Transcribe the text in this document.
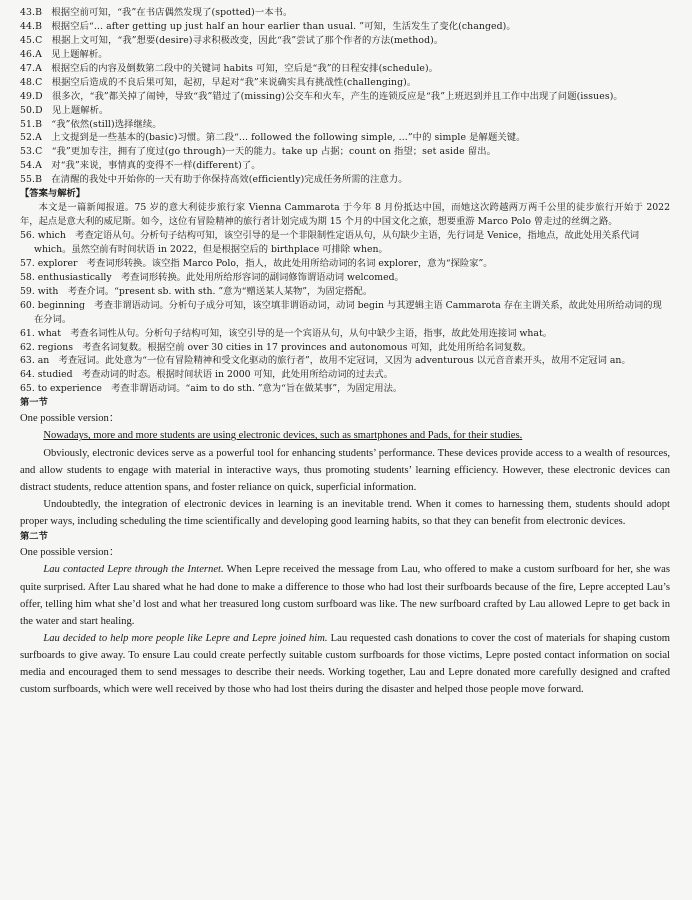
43.B　根据空前可知，“我”在书店偶然发现了(spotted)一本书。

44.B　根据空后“... after getting up just half an hour earlier than usual. ”可知，生活发生了变化(changed)。

45.C　根据上文可知，“我”想要(desire)寻求积极改变，因此“我”尝试了那个作者的方法(method)。

46.A　见上题解析。

47.A　根据空后的内容及倒数第二段中的关键词 habits 可知，空后是“我”的日程安排(schedule)。

48.C　根据空后造成的不良后果可知，起初，早起对“我”来说确实具有挑战性(challenging)。

49.D　很多次，“我”都关掉了闹钟，导致“我”错过了(missing)公交车和火车，产生的连锁反应是“我”上班迟到并且工作中出现了问题(issues)。

50.D　见上题解析。

51.B　“我”依然(still)选择继续。

52.A　上文提到是一些基本的(basic)习惯。第二段“... followed the following simple, ...”中的 simple 是解题关键。

53.C　“我”更加专注，拥有了度过(go through)一天的能力。take up 占据；count on 指望；set aside 留出。

54.A　对“我”来说，事情真的变得不一样(different)了。

55.B　在清醒的我处中开始你的一天有助于你保持高效(efficiently)完成任务所需的注意力。

【答案与解析】

本文是一篇新闻报道。75 岁的意大利徒步旅行家 Vienna Cammarota 于今年 8 月份抵达中国，而她这次跨越两万两千公里的徒步旅行开始于 2022 年，起点是意大利的威尼斯。如今，这位有冒险精神的旅行者计划完成为期 15 个月的中国文化之旅，想要重游 Marco Polo 曾走过的丝绸之路。

56. which　考查定语从句。分析句子结构可知，该空引导的是一个非限制性定语从句，从句缺少主语，先行词是 Venice，指地点，故此处用关系代词 which。虽然空前有时间状语 in 2022，但是根据空后的 birthplace 可排除 when。

57. explorer　考查词形转换。该空指 Marco Polo，指人，故此处用所给动词的名词 explorer，意为“探险家”。

58. enthusiastically　考查词形转换。此处用所给形容词的副词修饰谓语动词 welcomed。

59. with　考查介词。“present sb. with sth. ”意为“赠送某人某物”，为固定搭配。

60. beginning　考查非谓语动词。分析句子成分可知，该空填非谓语动词，动词 begin 与其逻辑主语 Cammarota 存在主谓关系，故此处用所给动词的现在分词。

61. what　考查名词性从句。分析句子结构可知，该空引导的是一个宾语从句，从句中缺少主语，指事，故此处用连接词 what。

62. regions　考查名词复数。根据空前 over 30 cities in 17 provinces and autonomous 可知，此处用所给名词复数。

63. an　考查冠词。此处意为“一位有冒险精神和受文化驱动的旅行者”，故用不定冠词，又因为 adventurous 以元音音素开头，故用不定冠词 an。

64. studied　考查动词的时态。根据时间状语 in 2000 可知，此处用所给动词的过去式。

65. to experience　考查非谓语动词。“aim to do sth. ”意为“旨在做某事”，为固定用法。

第一节

One possible version：

Nowadays, more and more students are using electronic devices, such as smartphones and Pads, for their studies.

Obviously, electronic devices serve as a powerful tool for enhancing students’ performance. These devices provide access to a wealth of resources, and allow students to engage with material in interactive ways, thus promoting students’ learning efficiency. However, these electronic devices can distract students, reduce attention spans, and foster reliance on quick, superficial information.

Undoubtedly, the integration of electronic devices in learning is an inevitable trend. When it comes to harnessing them, students should adopt proper ways, including scheduling the time scientifically and developing good learning habits, so that they can benefit from electronic devices.

第二节

One possible version：

Lau contacted Lepre through the Internet. When Lepre received the message from Lau, who offered to make a custom surfboard for her, she was quite surprised. After Lau shared what he had done to make a difference to those who had lost their surfboards because of the fire, Lepre accepted Lau’s offer, telling him what she’d lost and what her treasured long custom surfboard was like. The new surfboard crafted by Lau allowed Lepre to get back in the water and start healing.

Lau decided to help more people like Lepre and Lepre joined him. Lau requested cash donations to cover the cost of materials for shaping custom surfboards to give away. To ensure Lau could create perfectly suitable custom surfboards for those victims, Lepre posted contact information on social media and encouraged them to send messages to describe their needs. Working together, Lau and Lepre donated more carefully designed and crafted custom surfboards, which were well received by those who had lost theirs during the disaster and helped those people move forward.
